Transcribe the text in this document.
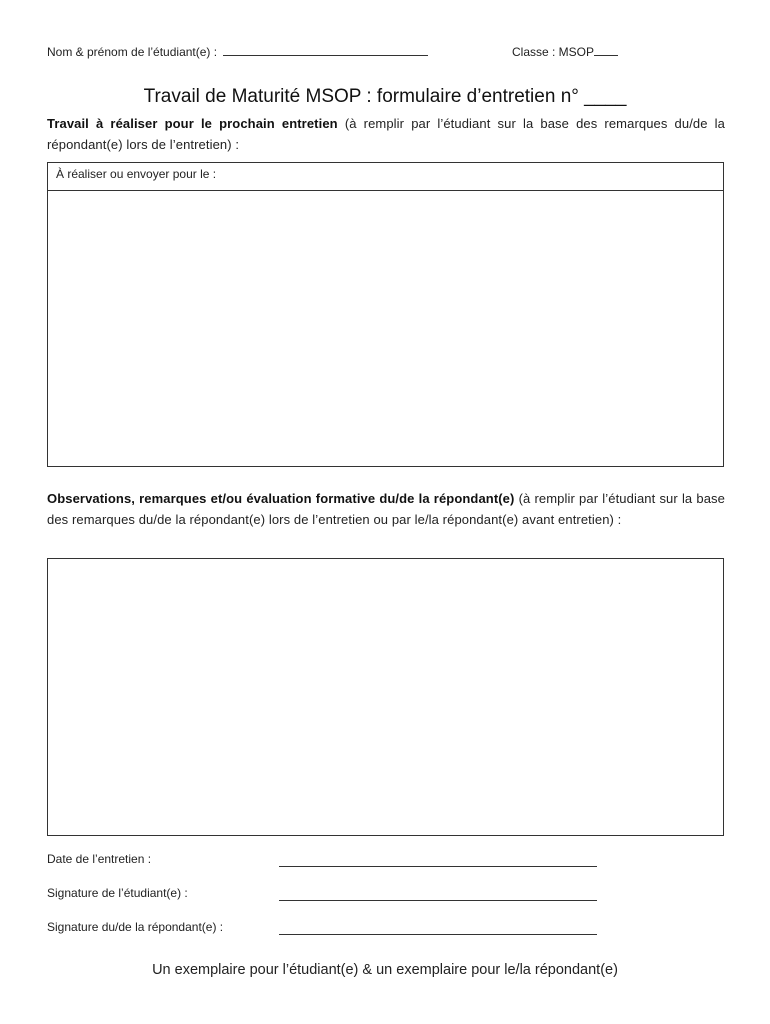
Nom & prénom de l’étudiant(e) :	Classe : MSOP
Travail de Maturité MSOP : formulaire d’entretien n° ____
Travail à réaliser pour le prochain entretien (à remplir par l’étudiant sur la base des remarques du/de la répondant(e) lors de l’entretien) :
À réaliser ou envoyer pour le :
Observations, remarques et/ou évaluation formative du/de la répondant(e) (à remplir par l’étudiant sur la base des remarques du/de la répondant(e) lors de l’entretien ou par le/la répondant(e) avant entretien) :
Date de l’entretien :
Signature de l’étudiant(e) :
Signature du/de la répondant(e) :
Un exemplaire pour l’étudiant(e) & un exemplaire pour le/la répondant(e)
